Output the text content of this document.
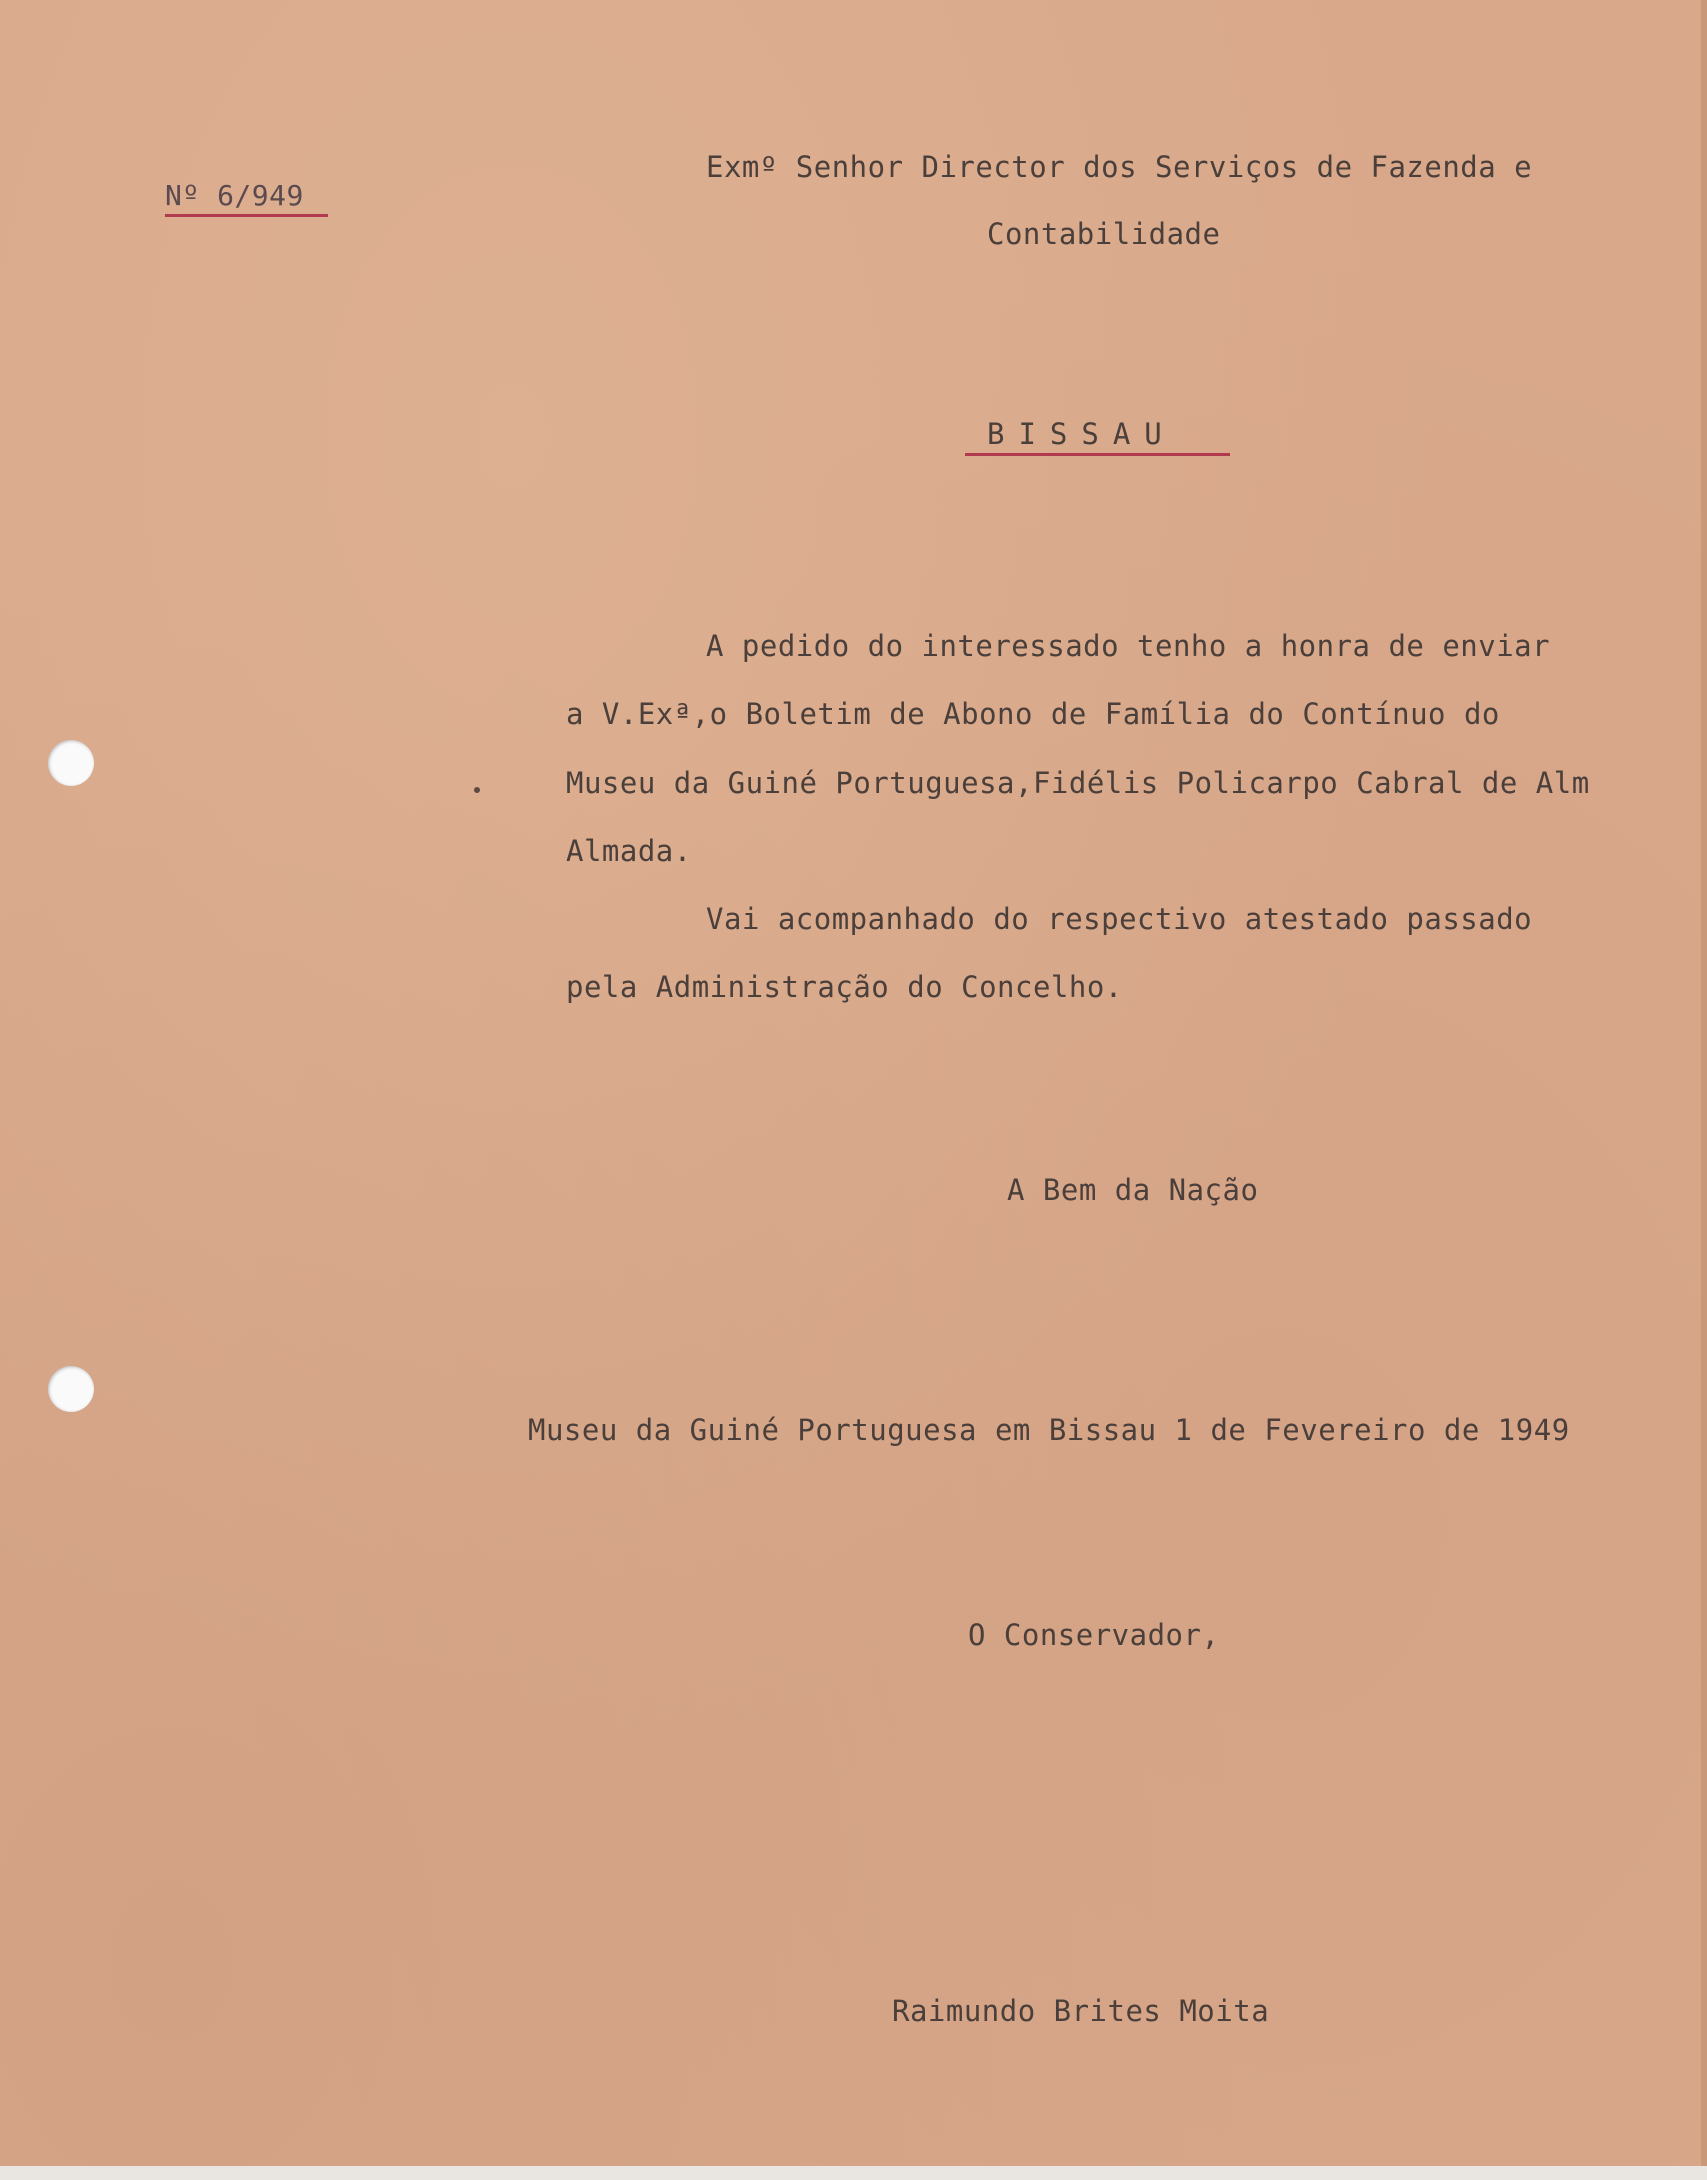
Nº 6/949
Exmº Senhor Director dos Serviços de Fazenda e
Contabilidade
BISSAU
A pedido do interessado tenho a honra de enviar
a V.Exª,o Boletim de Abono de Família do Contínuo do
Museu da Guiné Portuguesa,Fidélis Policarpo Cabral de Alm
Almada.
Vai acompanhado do respectivo atestado passado
pela Administração do Concelho.
A Bem da Nação
Museu da Guiné Portuguesa em Bissau 1 de Fevereiro de 1949
O Conservador,
Raimundo Brites Moita
